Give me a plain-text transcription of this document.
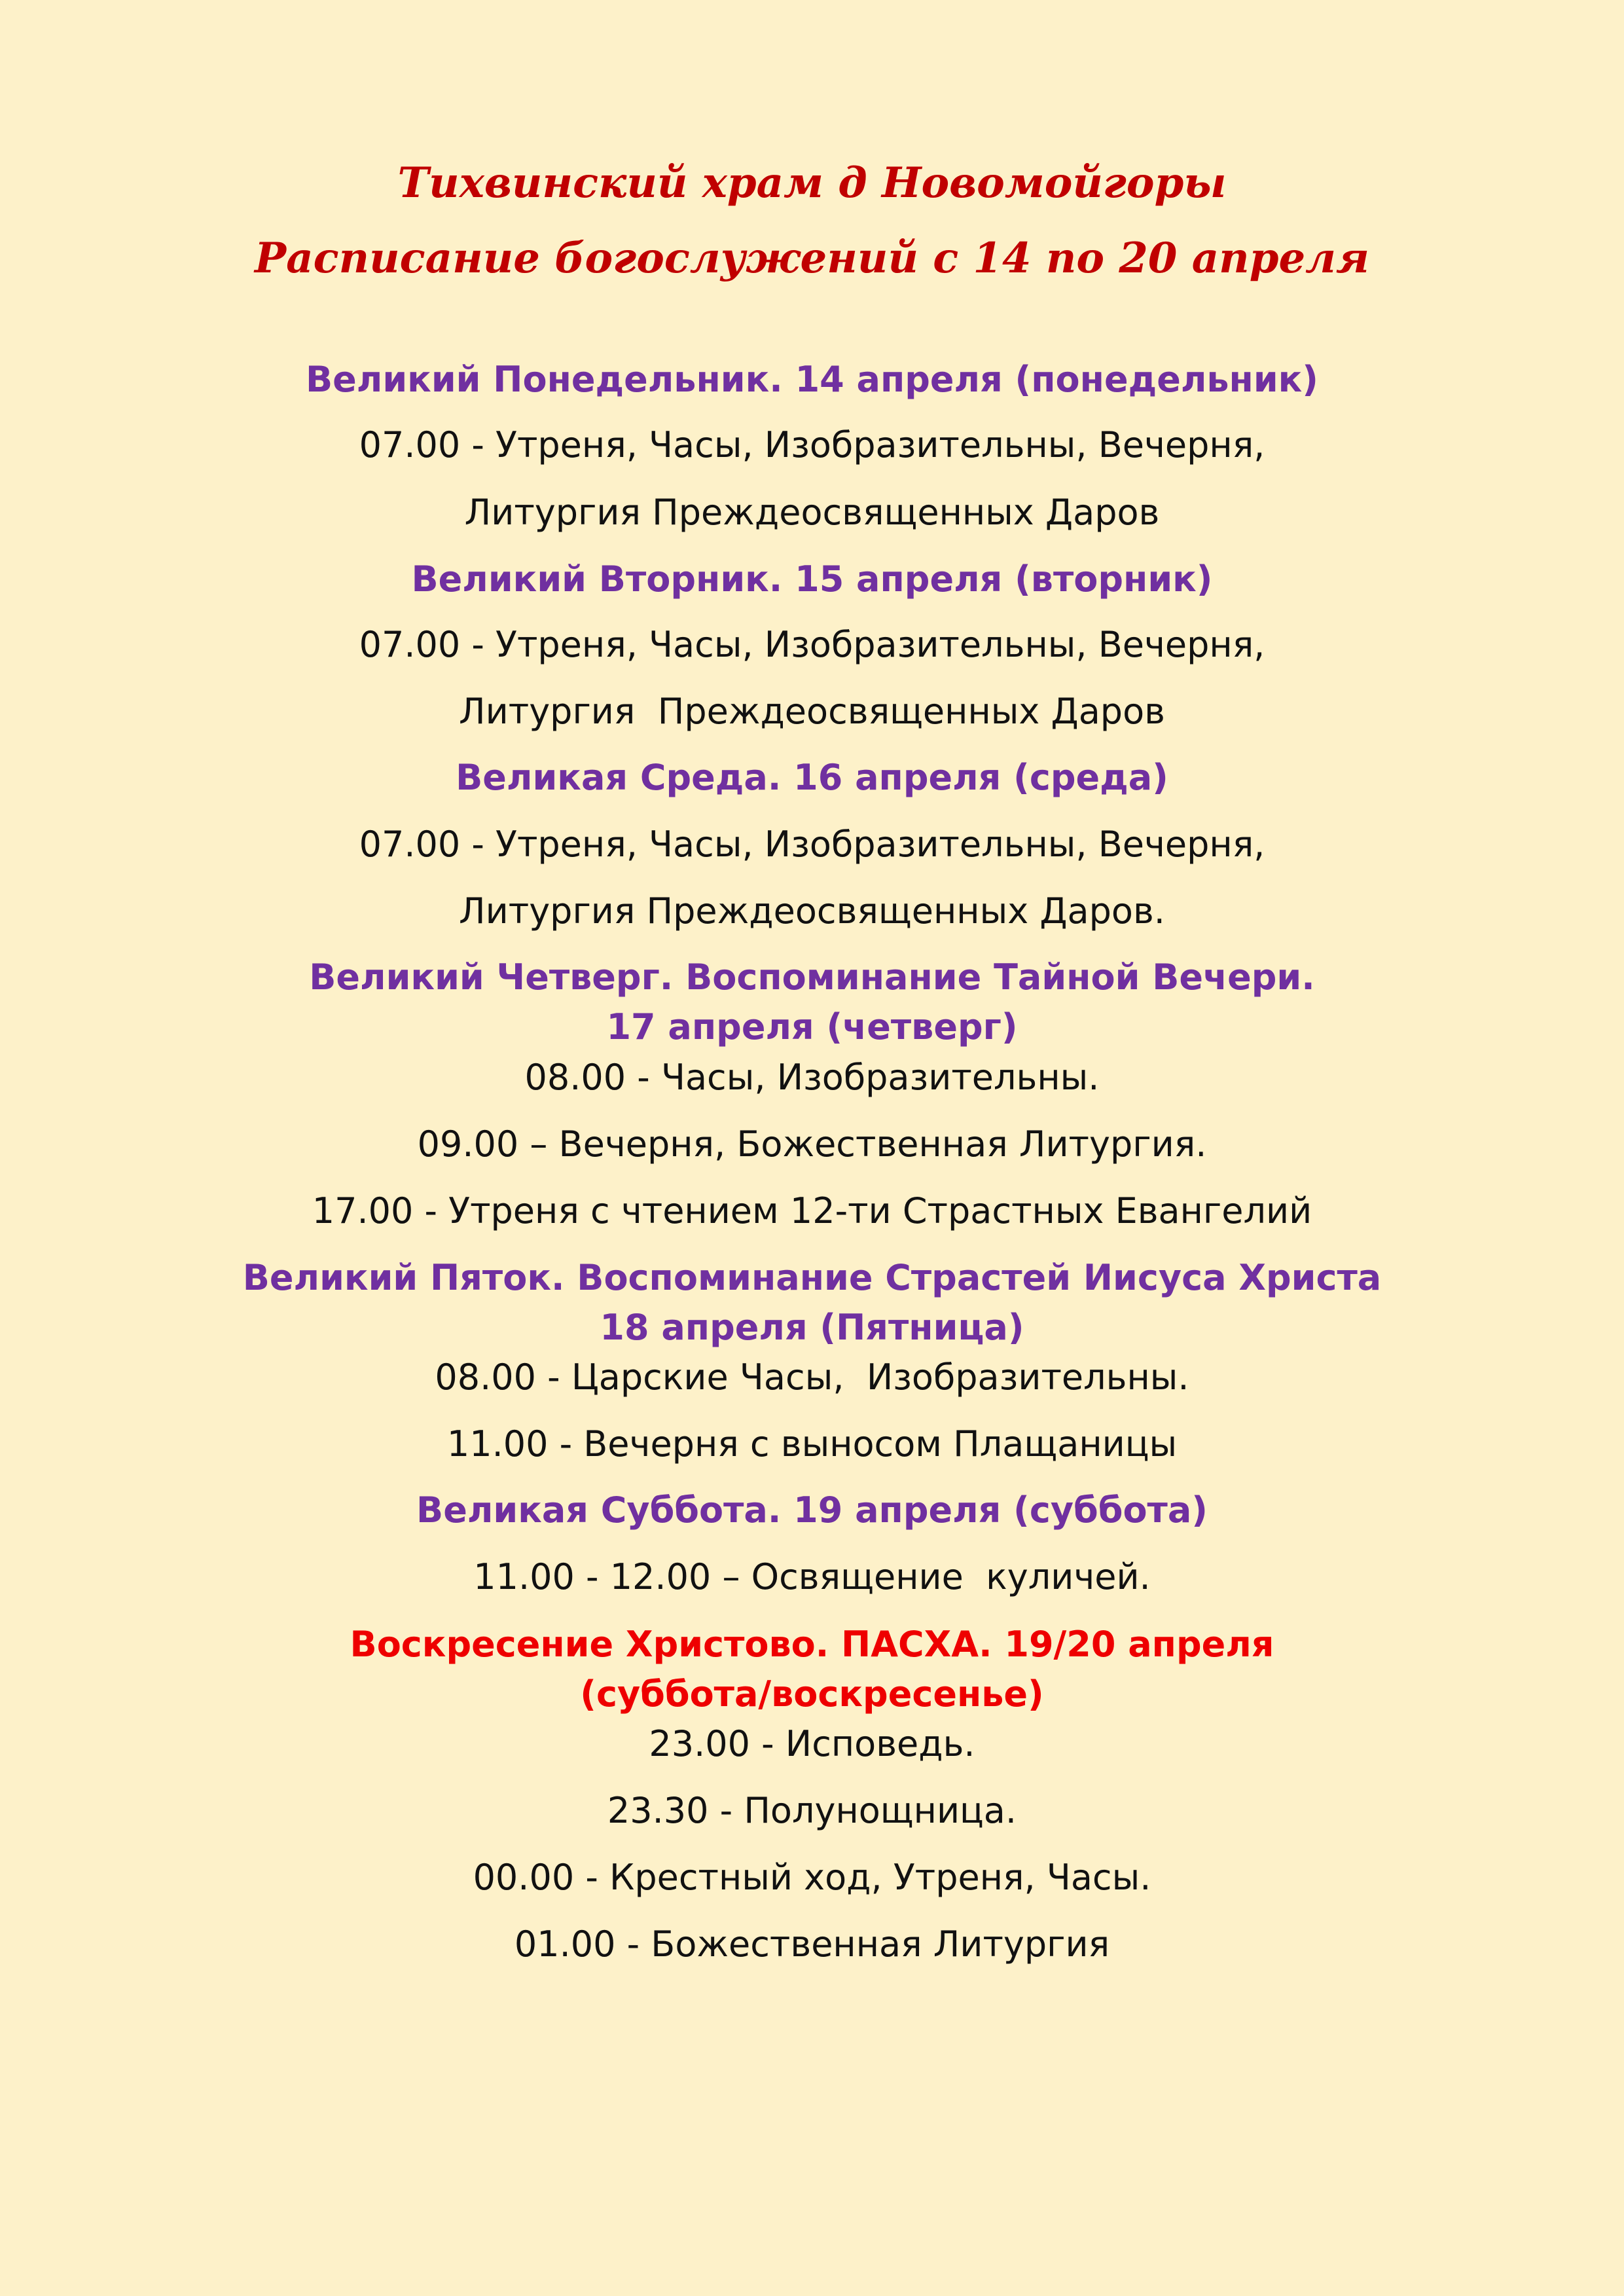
Тихвинский храм д Новомойгоры
Расписание богослужений с 14 по 20 апреля
Великий Понедельник. 14 апреля (понедельник)
07.00 - Утреня, Часы, Изобразительны, Вечерня,
Литургия Преждеосвященных Даров
Великий Вторник. 15 апреля (вторник)
07.00 - Утреня, Часы, Изобразительны, Вечерня,
Литургия  Преждеосвященных Даров
Великая Среда. 16 апреля (среда)
07.00 - Утреня, Часы, Изобразительны, Вечерня,
Литургия Преждеосвященных Даров.
Великий Четверг. Воспоминание Тайной Вечери.
17 апреля (четверг)
08.00 - Часы, Изобразительны.
09.00 – Вечерня, Божественная Литургия.
17.00 - Утреня с чтением 12-ти Страстных Евангелий
Великий Пяток. Воспоминание Страстей Иисуса Христа
18 апреля (Пятница)
08.00 - Царские Часы,  Изобразительны.
11.00 - Вечерня с выносом Плащаницы
Великая Суббота. 19 апреля (суббота)
11.00 - 12.00 – Освящение  куличей.
Воскресение Христово. ПАСХА. 19/20 апреля
(суббота/воскресенье)
23.00 - Исповедь.
23.30 - Полунощница.
00.00 - Крестный ход, Утреня, Часы.
01.00 - Божественная Литургия
